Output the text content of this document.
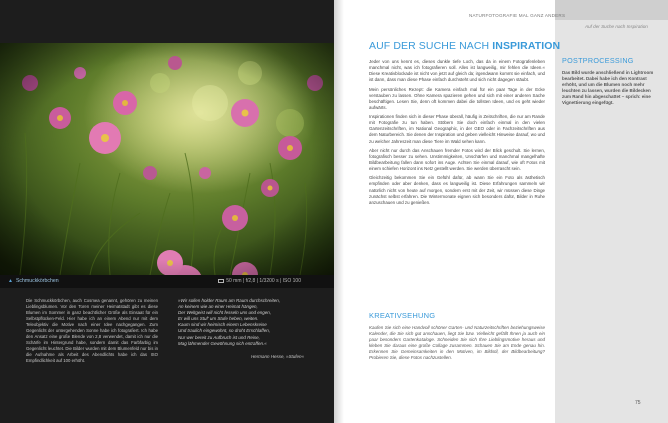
▲ Schmuckkörbchen	50 mm | f/2,8 | 1/3200 s | ISO 100
Die Schmuckkörbchen, auch Cosmea genannt, gehören zu meinen Lieblingsblumen. Vor den Toren meiner Heimatstadt gibt es diese Blumen im Sommer in ganz beachtlicher Größe als Einsaat für ein Selbstpflücken-Feld. Hier habe ich an einem Abend nur mit dem Teleobjektiv die Motive nach einer Idee nachgegangen. Zum Gegenlicht der untergehenden Sonne habe ich fotografiert. Ich habe den Ansatz eine große Blende von 2,8 verwendet, damit ich nur die Schärfe im Hintergrund habe, sondern damit das Farbfarbig im Gegenlicht leuchtet. Die Bilder wurden mit dem Blumenfeld nur bis in die Aufnahme als Arbeit des Abendlichts habe ich das ISO Empfindlichkeit auf 100 erhöht.
»Wir sollen holder Raum am Raum durchschreiten,
An keinem wie an einer Heimat hängen,
Der Weltgeist will nicht fesseln uns und engen,
Er will uns Stuf' um Stufe heben, weiten.
Kaum sind wir heimisch einem Lebenskreise
Und traulich eingewohnt, so droht Erschlaffen,
Nur wer bereit zu Aufbruch ist und Reise,
Mag lähmender Gewöhnung sich entraffen.«
Hermann Hesse, »Stufen«
NATURFOTOGRAFIE MAL GANZ ANDERS
Auf der Suche nach Inspiration
AUF DER SUCHE NACH INSPIRATION

Jeder von uns kennt es, dieses dunkle tiefe Loch, das da in einem Fotografenleben manchmal nicht, was ich fotografieren soll. Alles ist langweilig, mir fehlen die Ideen.« Diese Kreativblockade ist nicht von jetzt auf gleich da; irgendwann kommt sie einfach, und ist dann, dass man diese Phase einfach durchsteht und sich nicht dagegen stäubt.

Mein persönliches Rezept: die Kamera einfach mal für ein paar Tage in der Ecke verstauben zu lassen. Ohne Kamera spazieren gehen und sich mit einer anderen Sache beschäftigen. Lesen Sie, denn oft kommen dabei die tollsten Ideen, und es geht wieder aufwärts.

Inspirationen finden sich in dieser Phase überall, häufig in Zeitschriften, die nur am Rande mit Fotografie zu tun haben. Stöbern Sie doch einfach einmal in den vielen Gartenzeitschriften, im National Geographic, in der GEO oder in Fachzeitschriften aus dem Naturbereich. Sie denen der Inspiration und geben vielleicht Hinweise darauf, wo und zu welcher Jahreszeit man diese Tiere im Wald sehen kann.

Aber nicht nur durch das Anschauen fremder Fotos wird der Blick geschult. Sie lernen, fotografisch besser zu sehen. Unstimmigkeiten, Unschärfen und manchmal mangelhafte Bildbearbeitung fallen dann sofort ins Auge. Achten Sie einmal darauf, wie oft Fotos mit einem schiefen Horizont ins Netz gestellt werden. Sie werden überrascht sein.

Gleichzeitig bekommen Sie ein Gefühl dafür, ab wann Sie ein Foto als ästhetisch empfinden oder aber denken, dass es langweilig ist. Diese Erfahrungen sammeln wir natürlich nicht von heute auf morgen, sondern erst mit der Zeit, wir müssen diese Dinge zunächst selbst erfahren. Die Wintermonate eignen sich besonders dafür, Bilder in Ruhe anzuschauen und zu genießen.

KREATIVSEHUNG
Kaufen Sie sich eine Handvoll schöner Garten- und Naturzeitschriften beziehungsweise Kalender, die Sie sich gut anschauen, liegt Sie bzw. Vielleicht gefällt Ihnen ja auch ein paar besonders Gartenkataloge. Schneiden Sie sich Ihre Lieblingsmotive heraus und kleben Sie daraus eine große Collage zusammen. Schauen Sie am Ende genau hin. Erkennen Sie Gemeinsamkeiten in den Motiven, im Bildstil, der Bildbearbeitung? Probieren Sie, diese Fotos nachzustellen.
POSTPROCESSING
Das Bild wurde anschließend in Lightroom bearbeitet. Dabei habe ich den Kontrast erhöht, und um die Blumen noch mehr leuchten zu lassen, wurden die Bildecken zum Rand hin abgeschattet – sprich: eine Vignettierung eingefügt.
75
